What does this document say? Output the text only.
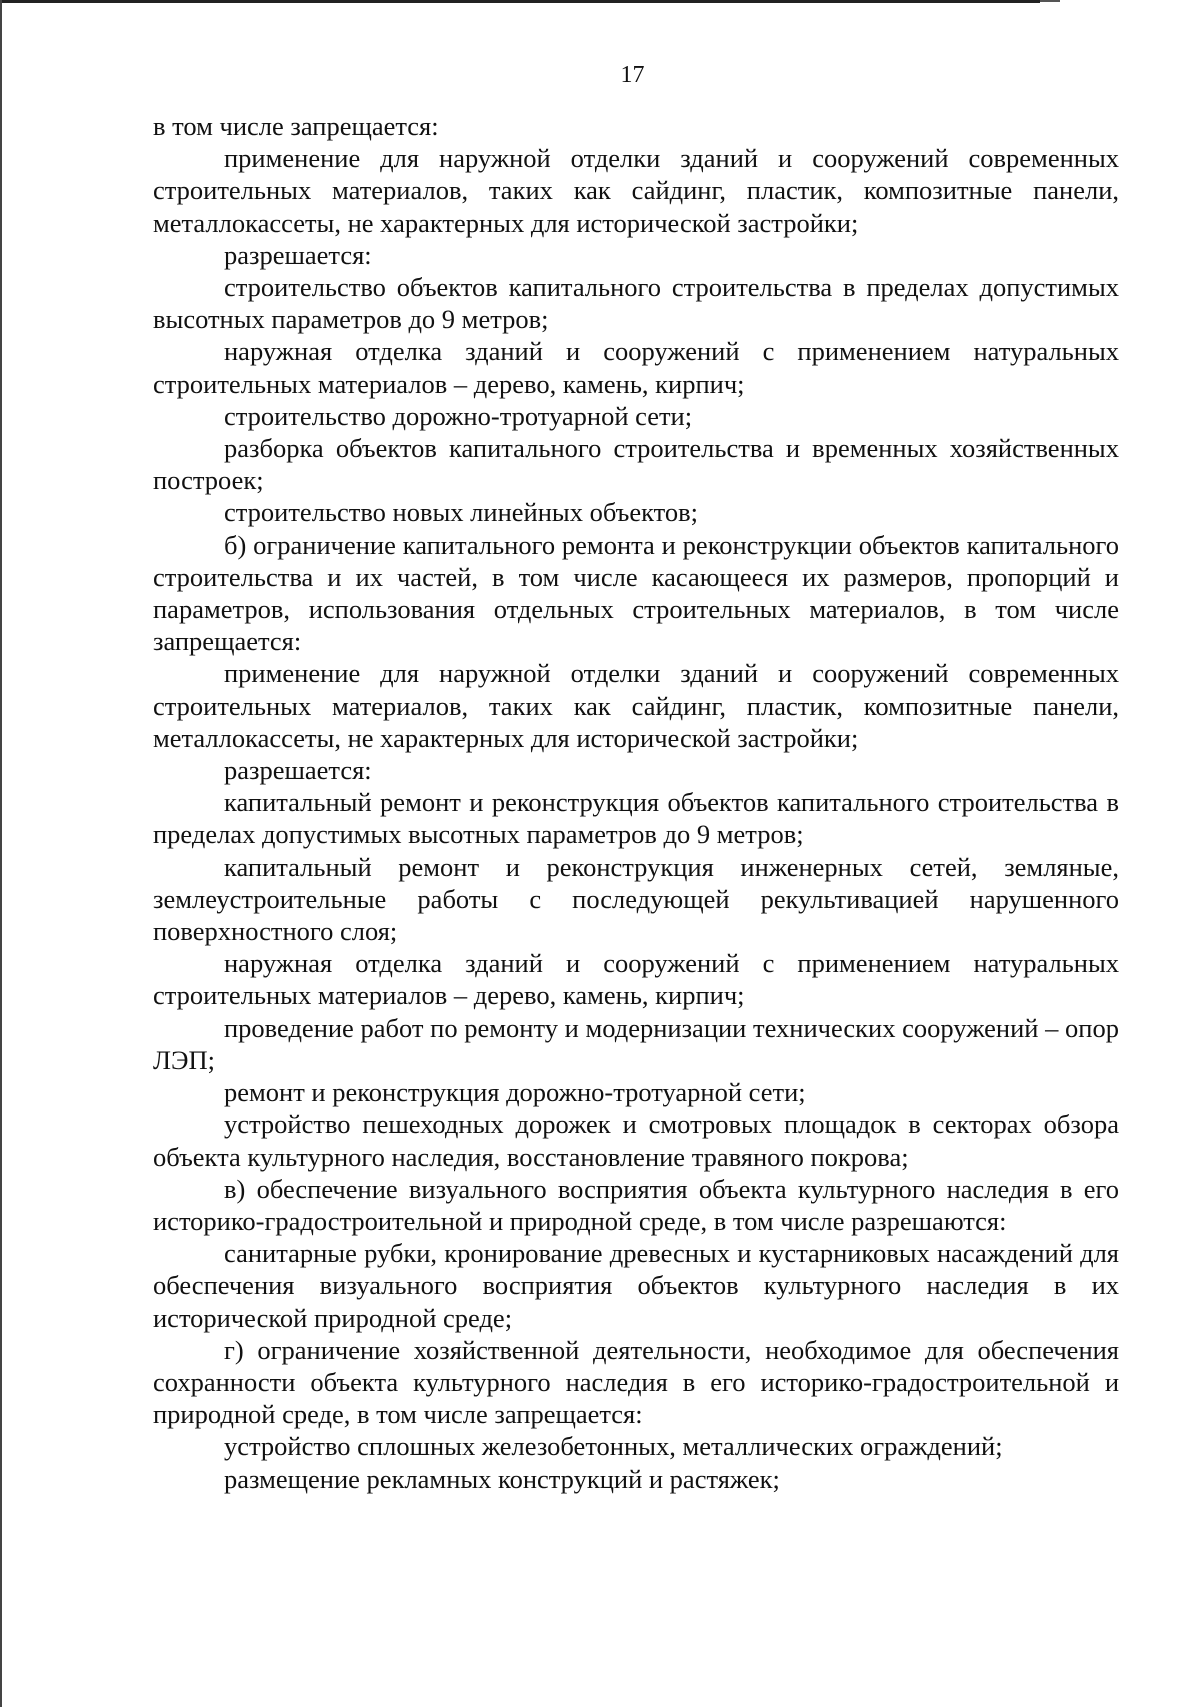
17

в том числе запрещается:

применение для наружной отделки зданий и сооружений современных строительных материалов, таких как сайдинг, пластик, композитные панели, металлокассеты, не характерных для исторической застройки;

разрешается:

строительство объектов капитального строительства в пределах допустимых высотных параметров до 9 метров;

наружная отделка зданий и сооружений с применением натуральных строительных материалов – дерево, камень, кирпич;

строительство дорожно-тротуарной сети;

разборка объектов капитального строительства и временных хозяйственных построек;

строительство новых линейных объектов;

б) ограничение капитального ремонта и реконструкции объектов капитального строительства и их частей, в том числе касающееся их размеров, пропорций и параметров, использования отдельных строительных материалов, в том числе запрещается:

применение для наружной отделки зданий и сооружений современных строительных материалов, таких как сайдинг, пластик, композитные панели, металлокассеты, не характерных для исторической застройки;

разрешается:

капитальный ремонт и реконструкция объектов капитального строительства в пределах допустимых высотных параметров до 9 метров;

капитальный ремонт и реконструкция инженерных сетей, земляные, землеустроительные работы с последующей рекультивацией нарушенного поверхностного слоя;

наружная отделка зданий и сооружений с применением натуральных строительных материалов – дерево, камень, кирпич;

проведение работ по ремонту и модернизации технических сооружений – опор ЛЭП;

ремонт и реконструкция дорожно-тротуарной сети;

устройство пешеходных дорожек и смотровых площадок в секторах обзора объекта культурного наследия, восстановление травяного покрова;

в) обеспечение визуального восприятия объекта культурного наследия в его историко-градостроительной и природной среде, в том числе разрешаются:

санитарные рубки, кронирование древесных и кустарниковых насаждений для обеспечения визуального восприятия объектов культурного наследия в их исторической природной среде;

г) ограничение хозяйственной деятельности, необходимое для обеспечения сохранности объекта культурного наследия в его историко-градостроительной и природной среде, в том числе запрещается:

устройство сплошных железобетонных, металлических ограждений;

размещение рекламных конструкций и растяжек;
